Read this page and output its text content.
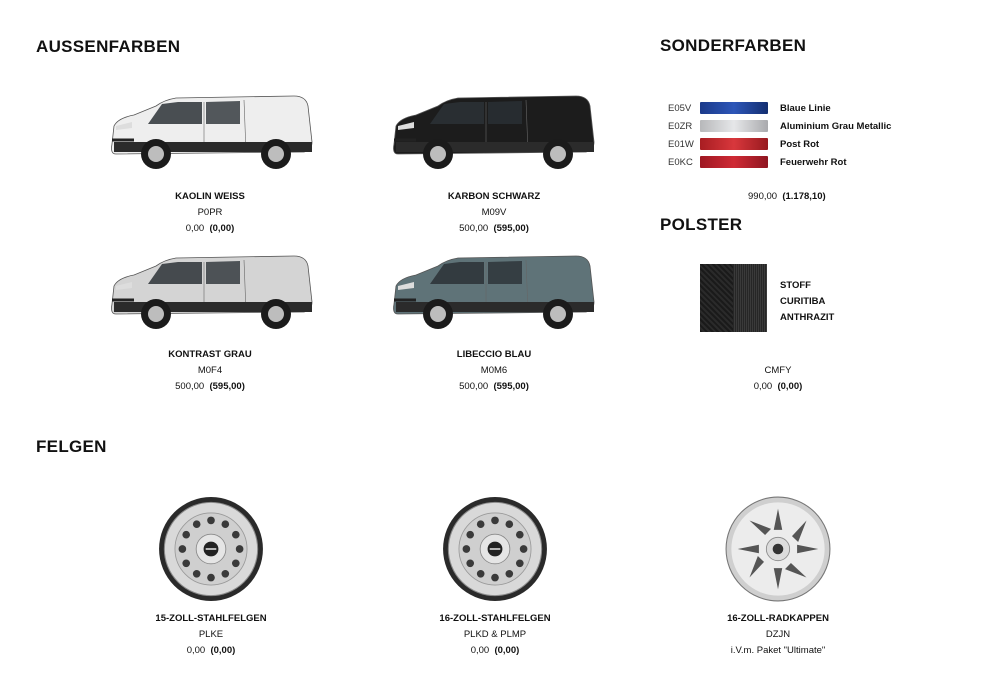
AUSSENFARBEN	SONDERFARBEN
POLSTER
FELGEN
KAOLIN WEISS
P0PR
0,00 (0,00)
KARBON SCHWARZ
M09V
500,00 (595,00)
KONTRAST GRAU
M0F4
500,00 (595,00)
LIBECCIO BLAU
M0M6
500,00 (595,00)
E05V	Blaue Linie
E0ZR	Aluminium Grau Metallic
E01W	Post Rot
E0KC	Feuerwehr Rot
990,00 (1.178,10)
STOFF
CURITIBA
ANTHRAZIT
CMFY
0,00 (0,00)
15-ZOLL-STAHLFELGEN
PLKE
0,00 (0,00)
16-ZOLL-STAHLFELGEN
PLKD & PLMP
0,00 (0,00)
16-ZOLL-RADKAPPEN
DZJN
i.V.m. Paket "Ultimate"
